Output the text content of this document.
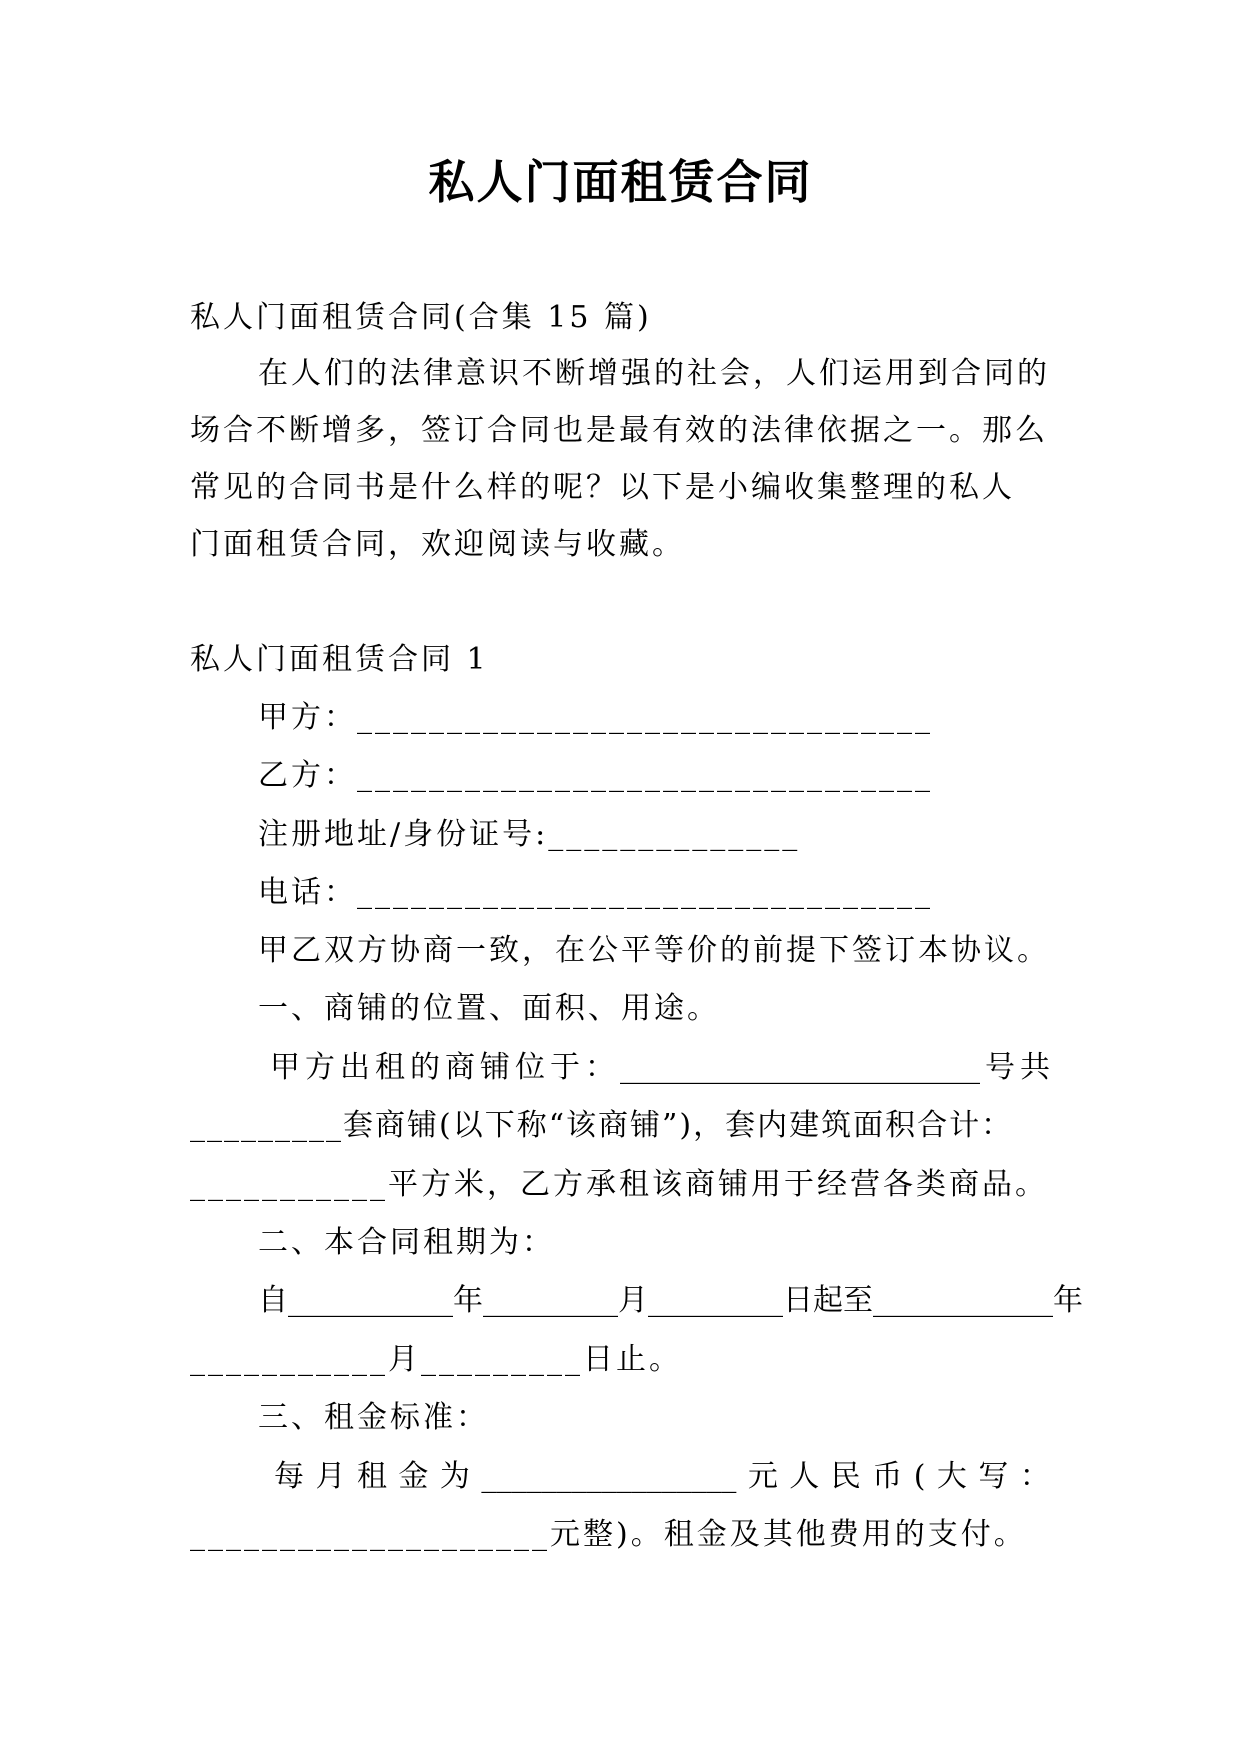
私人门面租赁合同
私人门面租赁合同(合集 15 篇)
在人们的法律意识不断增强的社会，人们运用到合同的
场合不断增多，签订合同也是最有效的法律依据之一。那么
常见的合同书是什么样的呢？以下是小编收集整理的私人
门面租赁合同，欢迎阅读与收藏。
私人门面租赁合同 1
甲方：________________________________
乙方：________________________________
注册地址/身份证号:______________
电话：________________________________
甲乙双方协商一致，在公平等价的前提下签订本协议。
一、商铺的位置、面积、用途。
甲 方 出 租 的 商 铺 位 于 ： ________________________ 号 共
_________套商铺(以下称“该商铺”)，套内建筑面积合计：
___________平方米，乙方承租该商铺用于经营各类商品。
二、本合同租期为：
自 ___________ 年 _________ 月 _________ 日 起 至 ____________ 年
___________月_________日止。
三、租金标准：
每 月 租 金 为 _________________ 元 人 民 币 ( 大 写 ：
____________________元整)。租金及其他费用的支付。
